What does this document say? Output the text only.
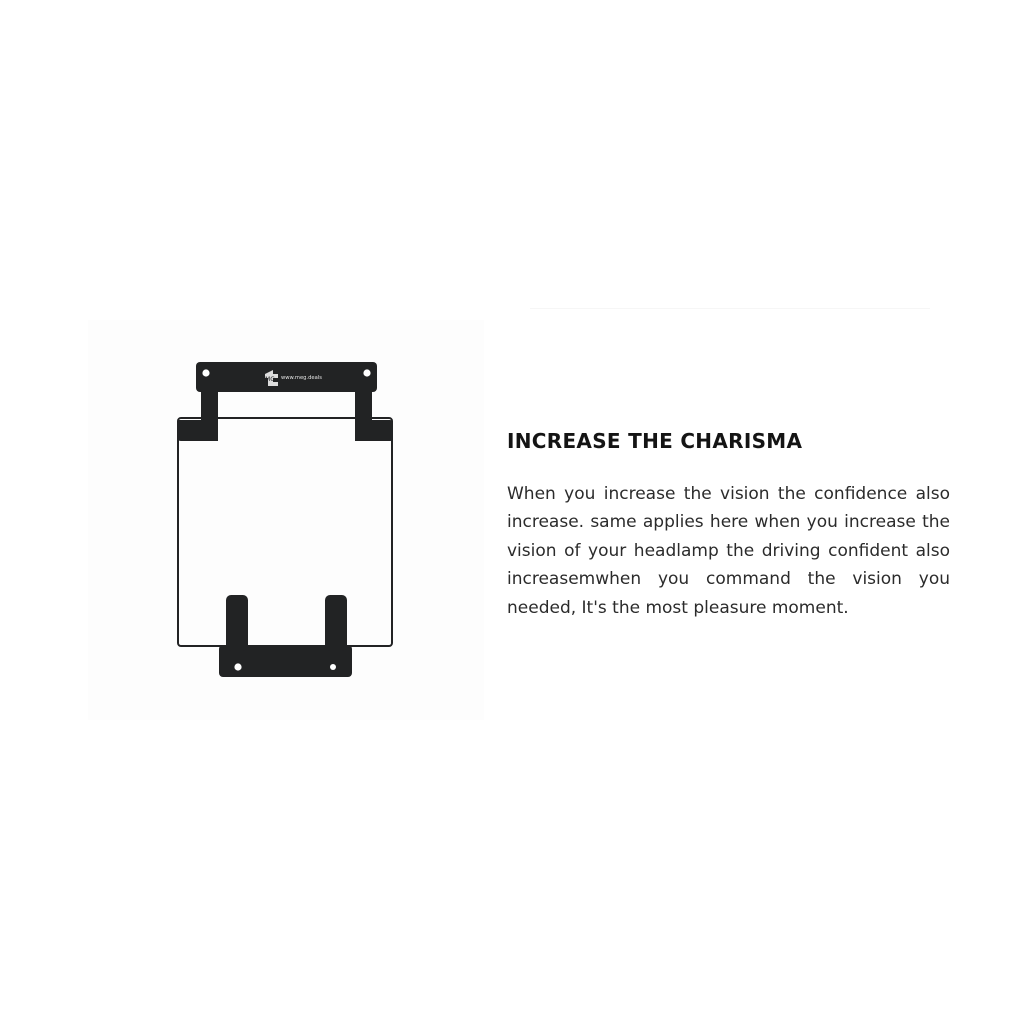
MG www.meg.deals
INCREASE THE CHARISMA

When you increase the vision the confidence also increase. same applies here when you increase the vision of your headlamp the driving confident also increasemwhen you command the vision you needed, It's the most pleasure moment.
